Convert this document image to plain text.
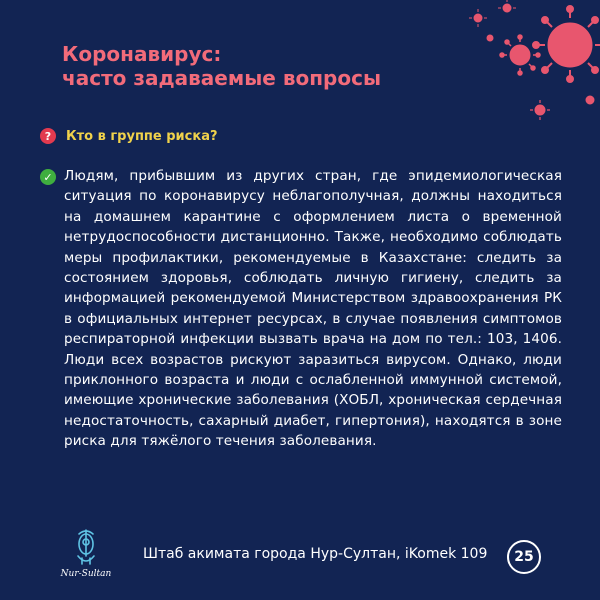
Коронавирус:
часто задаваемые вопросы
?	Кто в группе риска?
✓ Людям, прибывшим из других стран, где эпидемиологическая ситуация по коронавирусу неблагополучная, должны находиться на домашнем карантине с оформлением листа о временной нетрудоспособности дистанционно. Также, необходимо соблюдать меры профилактики, рекомендуемые в Казахстане: следить за состоянием здоровья, соблюдать личную гигиену, следить за информацией рекомендуемой Министерством здравоохранения РК в официальных интернет ресурсах, в случае появления симптомов респираторной инфекции вызвать врача на дом по тел.: 103, 1406. Люди всех возрастов рискуют заразиться вирусом. Однако, люди приклонного возраста и люди с ослабленной иммунной системой, имеющие хронические заболевания (ХОБЛ, хроническая сердечная недостаточность, сахарный диабет, гипертония), находятся в зоне риска для тяжёлого течения заболевания.
Nur-Sultan
Штаб акимата города Нур-Султан, iKomek 109	25
